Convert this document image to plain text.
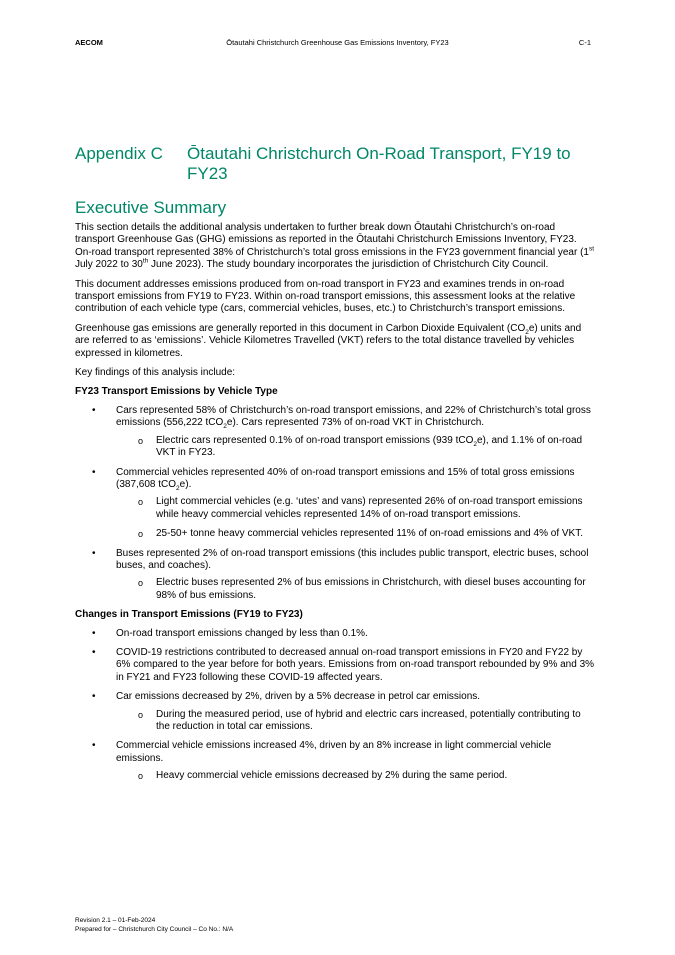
AECOM	Ōtautahi Christchurch Greenhouse Gas Emissions Inventory, FY23	C-1
Appendix C Ōtautahi Christchurch On-Road Transport, FY19 to FY23
Executive Summary

This section details the additional analysis undertaken to further break down Ōtautahi Christchurch’s on-road transport Greenhouse Gas (GHG) emissions as reported in the Ōtautahi Christchurch Emissions Inventory, FY23. On-road transport represented 38% of Christchurch’s total gross emissions in the FY23 government financial year (1st July 2022 to 30th June 2023). The study boundary incorporates the jurisdiction of Christchurch City Council.

This document addresses emissions produced from on-road transport in FY23 and examines trends in on-road transport emissions from FY19 to FY23. Within on-road transport emissions, this assessment looks at the relative contribution of each vehicle type (cars, commercial vehicles, buses, etc.) to Christchurch’s transport emissions.

Greenhouse gas emissions are generally reported in this document in Carbon Dioxide Equivalent $(CO_2e)$ units and are referred to as ‘emissions’. Vehicle Kilometres Travelled (VKT) refers to the total distance travelled by vehicles expressed in kilometres.

Key findings of this analysis include:

FY23 Transport Emissions by Vehicle Type
• Cars represented 58% of Christchurch’s on-road transport emissions, and 22% of Christchurch’s total gross emissions (556,222 tCO$_2$e). Cars represented 73% of on-road VKT in Christchurch.
o Electric cars represented 0.1% of on-road transport emissions (939 tCO$_2$e), and 1.1% of on-road VKT in FY23.
• Commercial vehicles represented 40% of on-road transport emissions and 15% of total gross emissions (387,608 tCO$_2$e).
o Light commercial vehicles (e.g. ‘utes’ and vans) represented 26% of on-road transport emissions while heavy commercial vehicles represented 14% of on-road transport emissions.
o 25-50+ tonne heavy commercial vehicles represented 11% of on-road emissions and 4% of VKT.
• Buses represented 2% of on-road transport emissions (this includes public transport, electric buses, school buses, and coaches).
o Electric buses represented 2% of bus emissions in Christchurch, with diesel buses accounting for 98% of bus emissions.
Changes in Transport Emissions (FY19 to FY23)
• On-road transport emissions changed by less than 0.1%.
• COVID-19 restrictions contributed to decreased annual on-road transport emissions in FY20 and FY22 by 6% compared to the year before for both years. Emissions from on-road transport rebounded by 9% and 3% in FY21 and FY23 following these COVID-19 affected years.
• Car emissions decreased by 2%, driven by a 5% decrease in petrol car emissions.
o During the measured period, use of hybrid and electric cars increased, potentially contributing to the reduction in total car emissions.
• Commercial vehicle emissions increased 4%, driven by an 8% increase in light commercial vehicle emissions.
o Heavy commercial vehicle emissions decreased by 2% during the same period.
Revision 2.1 – 01-Feb-2024
Prepared for – Christchurch City Council – Co No.: N/A
